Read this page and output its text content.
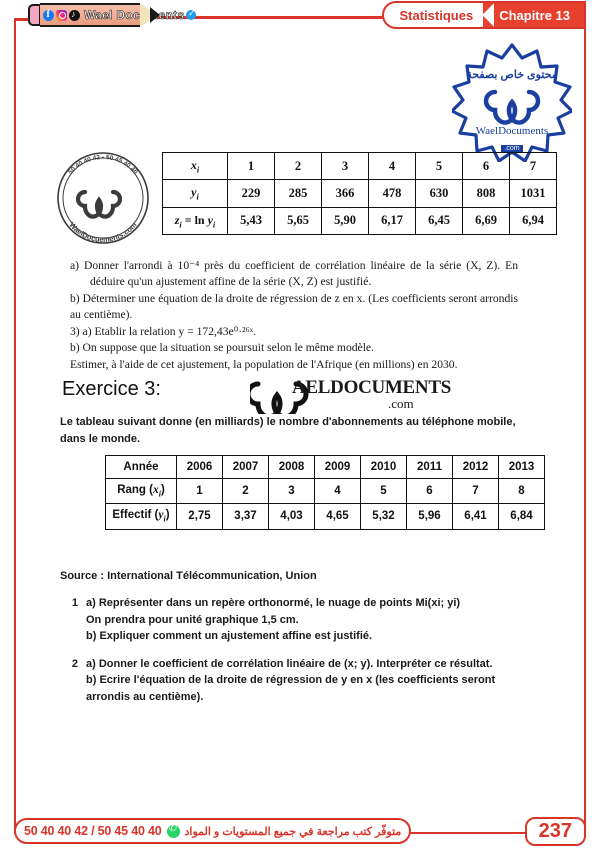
f
♪
Wael Documents ✓	Statistiques	Chapitre 13
محتوى خاص بصفحة
WaelDocuments
.com
50 40 40 42 - 50 45 40 40
WaelDocuements.com
$x_i$	1	2	3	4	5	6	7
$y_i$	229	285	366	478	630	808	1031
$z_i = \ln y_i$	5,43	5,65	5,90	6,17	6,45	6,69	6,94
a) Donner l'arrondi à 10⁻⁴ près du coefficient de corrélation linéaire de la série (X, Z). En déduire qu'un ajustement affine de la série (X, Z) est justifié.
b) Déterminer une équation de la droite de régression de z en x. (Les coefficients seront arrondis au centième).
3) a) Etablir la relation y = 172,43e⁰·²⁶ˣ.
b) On suppose que la situation se poursuit selon le même modèle.
Estimer, à l'aide de cet ajustement, la population de l'Afrique (en millions) en 2030.
Exercice 3:	AELDOCUMENTS
.com
Le tableau suivant donne (en milliards) le nombre d'abonnements au téléphone mobile, dans le monde.
Année	2006	2007	2008	2009	2010	2011	2012	2013
Rang $(x_i)$	1	2	3	4	5	6	7	8
Effectif $(y_i)$	2,75	3,37	4,03	4,65	5,32	5,96	6,41	6,84
Source : International Télécommunication, Union
1 a) Représenter dans un repère orthonormé, le nuage de points Mi(xi; yi)
On prendra pour unité graphique 1,5 cm.
b) Expliquer comment un ajustement affine est justifié.
2 a) Donner le coefficient de corrélation linéaire de (x; y). Interpréter ce résultat.
b) Ecrire l'équation de la droite de régression de y en x (les coefficients seront arrondis au centième).
50 40 40 42 / 50 45 40 40 ✆ متوفّر كتب مراجعة في جميع المستويات و المواد	237
